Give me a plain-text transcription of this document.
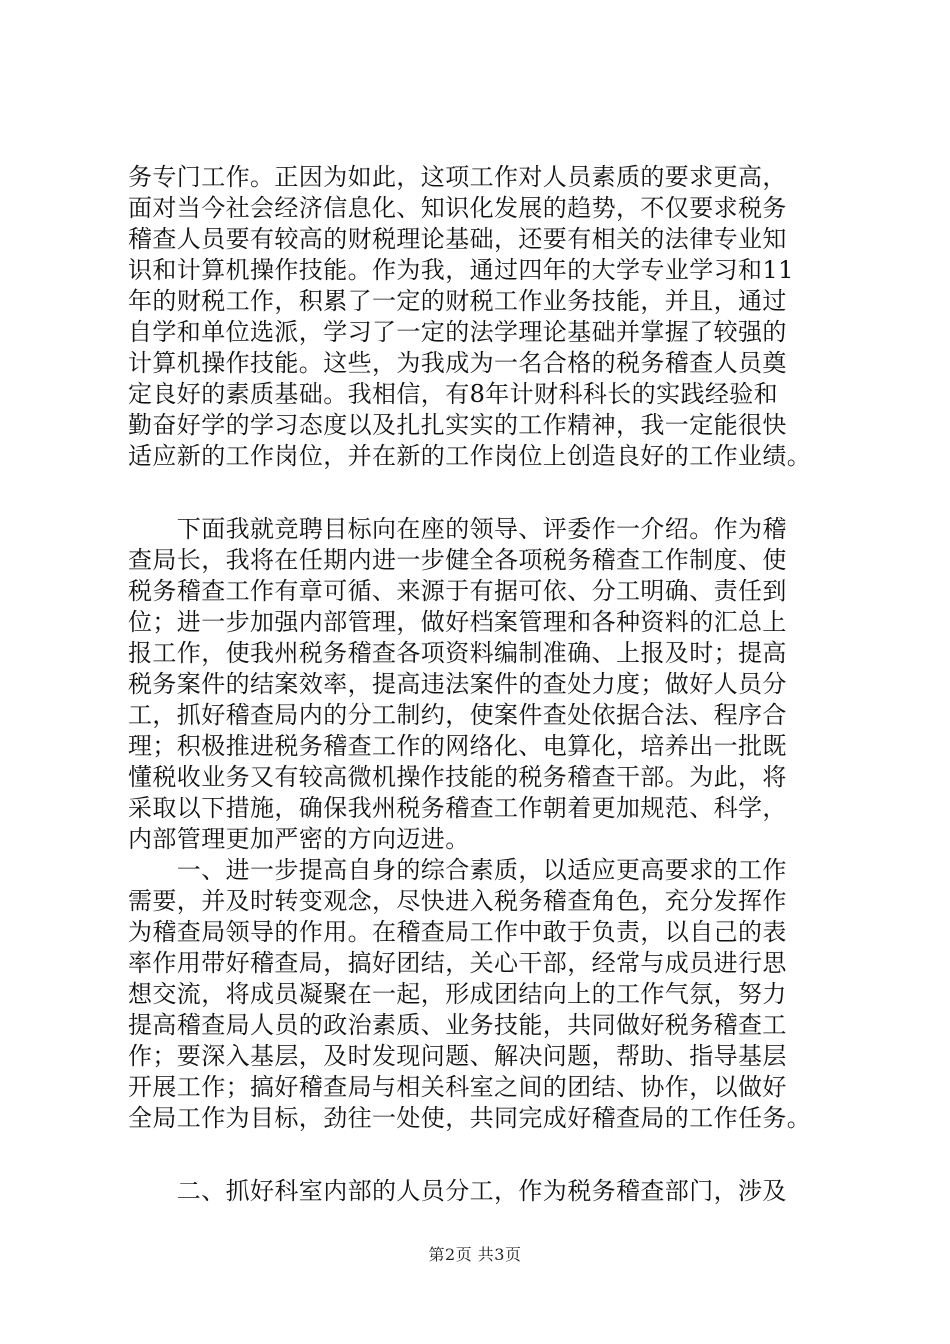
务专门工作。正因为如此，这项工作对人员素质的要求更高，
面对当今社会经济信息化、知识化发展的趋势，不仅要求税务
稽查人员要有较高的财税理论基础，还要有相关的法律专业知
识和计算机操作技能。作为我，通过四年的大学专业学习和11
年的财税工作，积累了一定的财税工作业务技能，并且，通过
自学和单位选派，学习了一定的法学理论基础并掌握了较强的
计算机操作技能。这些，为我成为一名合格的税务稽查人员奠
定良好的素质基础。我相信，有8年计财科科长的实践经验和
勤奋好学的学习态度以及扎扎实实的工作精神，我一定能很快
适应新的工作岗位，并在新的工作岗位上创造良好的工作业绩。
　　下面我就竞聘目标向在座的领导、评委作一介绍。作为稽
查局长，我将在任期内进一步健全各项税务稽查工作制度、使
税务稽查工作有章可循、来源于有据可依、分工明确、责任到
位；进一步加强内部管理，做好档案管理和各种资料的汇总上
报工作，使我州税务稽查各项资料编制准确、上报及时；提高
税务案件的结案效率，提高违法案件的查处力度；做好人员分
工，抓好稽查局内的分工制约，使案件查处依据合法、程序合
理；积极推进税务稽查工作的网络化、电算化，培养出一批既
懂税收业务又有较高微机操作技能的税务稽查干部。为此，将
采取以下措施，确保我州税务稽查工作朝着更加规范、科学，
内部管理更加严密的方向迈进。
　　一、进一步提高自身的综合素质，以适应更高要求的工作
需要，并及时转变观念，尽快进入税务稽查角色，充分发挥作
为稽查局领导的作用。在稽查局工作中敢于负责，以自己的表
率作用带好稽查局，搞好团结，关心干部，经常与成员进行思
想交流，将成员凝聚在一起，形成团结向上的工作气氛，努力
提高稽查局人员的政治素质、业务技能，共同做好税务稽查工
作；要深入基层，及时发现问题、解决问题，帮助、指导基层
开展工作；搞好稽查局与相关科室之间的团结、协作，以做好
全局工作为目标，劲往一处使，共同完成好稽查局的工作任务。
　　二、抓好科室内部的人员分工，作为税务稽查部门，涉及
第2页 共3页
